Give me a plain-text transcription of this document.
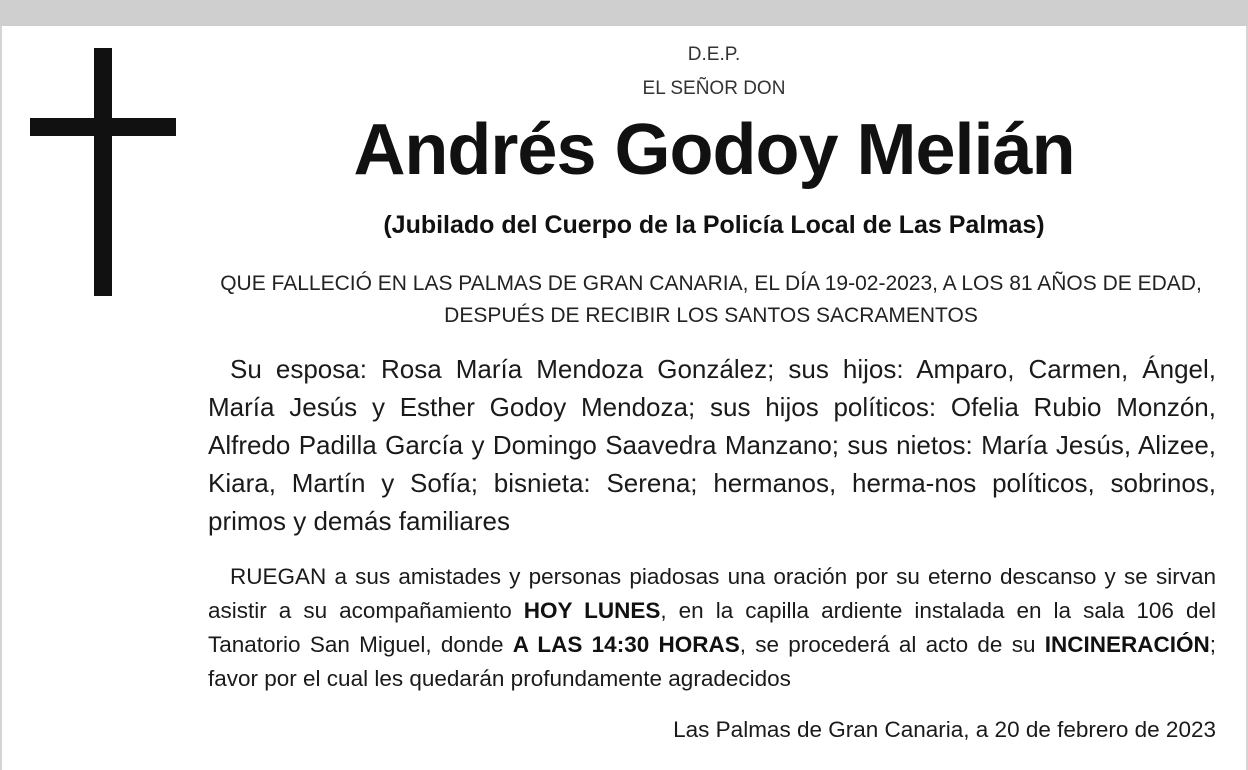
D.E.P.

EL SEÑOR DON

Andrés Godoy Melián

(Jubilado del Cuerpo de la Policía Local de Las Palmas)

QUE FALLECIÓ EN LAS PALMAS DE GRAN CANARIA, EL DÍA 19-02-2023, A LOS 81 AÑOS DE EDAD, DESPUÉS DE RECIBIR LOS SANTOS SACRAMENTOS

Su esposa: Rosa María Mendoza González; sus hijos: Amparo, Carmen, Ángel, María Jesús y Esther Godoy Mendoza; sus hijos políticos: Ofelia Rubio Monzón, Alfredo Padilla García y Domingo Saavedra Manzano; sus nietos: María Jesús, Alizee, Kiara, Martín y Sofía; bisnieta: Serena; hermanos, herma-nos políticos, sobrinos, primos y demás familiares

RUEGAN a sus amistades y personas piadosas una oración por su eterno descanso y se sirvan asistir a su acompañamiento HOY LUNES, en la capilla ardiente instalada en la sala 106 del Tanatorio San Miguel, donde A LAS 14:30 HORAS, se procederá al acto de su INCINERACIÓN; favor por el cual les quedarán profundamente agradecidos

Las Palmas de Gran Canaria, a 20 de febrero de 2023
